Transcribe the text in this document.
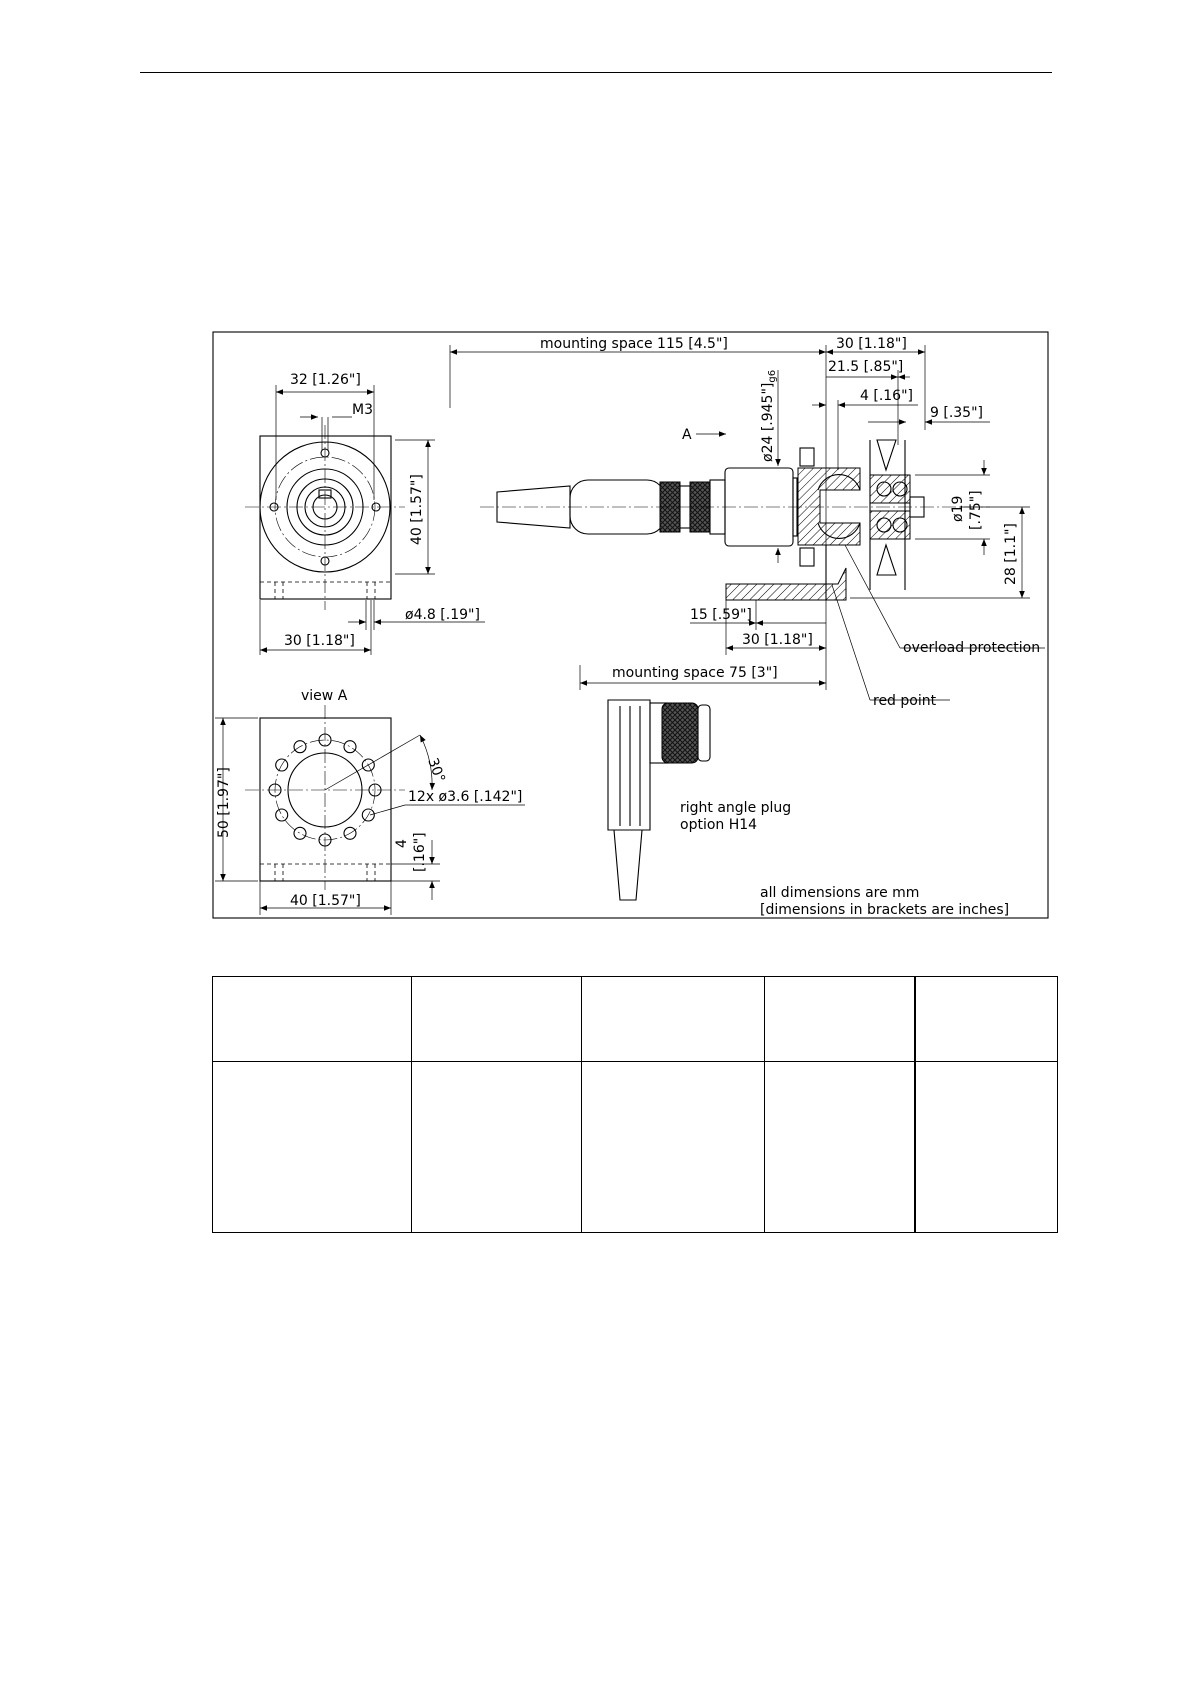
32 [1.26"]
M3
40 [1.57"]
ø4.8 [.19"]
30 [1.18"]
mounting space 115 [4.5"]	30 [1.18"]
21.5 [.85"]
4 [.16"]
9 [.35"]
ø24 $[.945"]_{g6}$
A
ø19 [.75"]
28 [1.1"]
15 [.59"]
30 [1.18"]	overload protection
mounting space 75 [3"]
red point
view A
30°
12x ø3.6 [.142"]
50 [1.97"]
4 [.16"]
40 [1.57"]
right angle plug
option H14
all dimensions are mm
[dimensions in brackets are inches]
